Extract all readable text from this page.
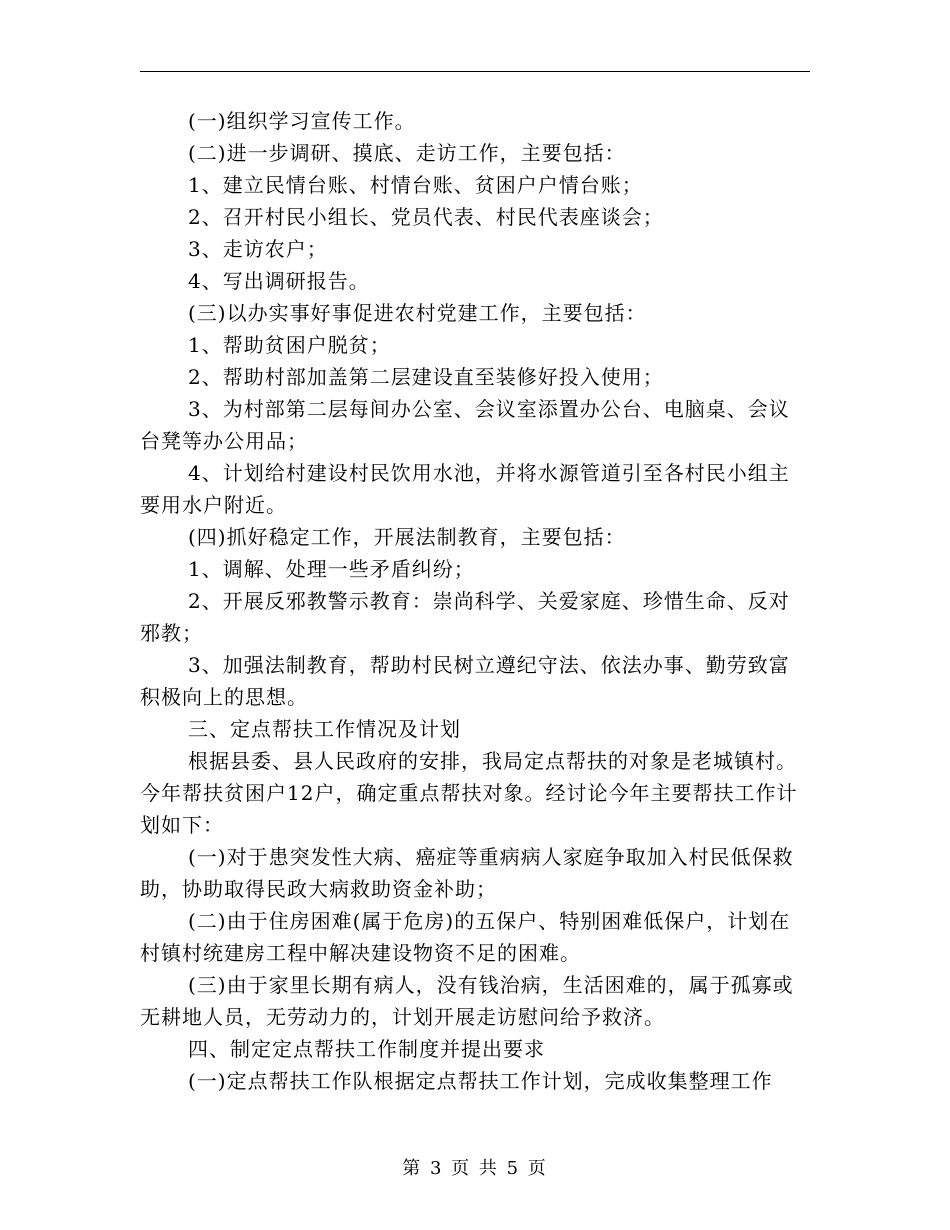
(一)组织学习宣传工作。

(二)进一步调研、摸底、走访工作，主要包括：

1、建立民情台账、村情台账、贫困户户情台账；

2、召开村民小组长、党员代表、村民代表座谈会；

3、走访农户；

4、写出调研报告。

(三)以办实事好事促进农村党建工作，主要包括：

1、帮助贫困户脱贫；

2、帮助村部加盖第二层建设直至装修好投入使用；

3、为村部第二层每间办公室、会议室添置办公台、电脑桌、会议台凳等办公用品；

4、计划给村建设村民饮用水池，并将水源管道引至各村民小组主要用水户附近。

(四)抓好稳定工作，开展法制教育，主要包括：

1、调解、处理一些矛盾纠纷；

2、开展反邪教警示教育：崇尚科学、关爱家庭、珍惜生命、反对邪教；

3、加强法制教育，帮助村民树立遵纪守法、依法办事、勤劳致富积极向上的思想。

三、定点帮扶工作情况及计划

根据县委、县人民政府的安排，我局定点帮扶的对象是老城镇村。今年帮扶贫困户12户，确定重点帮扶对象。经讨论今年主要帮扶工作计划如下：

(一)对于患突发性大病、癌症等重病病人家庭争取加入村民低保救助，协助取得民政大病救助资金补助；

(二)由于住房困难(属于危房)的五保户、特别困难低保户，计划在村镇村统建房工程中解决建设物资不足的困难。

(三)由于家里长期有病人，没有钱治病，生活困难的，属于孤寡或无耕地人员，无劳动力的，计划开展走访慰问给予救济。

四、制定定点帮扶工作制度并提出要求

(一)定点帮扶工作队根据定点帮扶工作计划，完成收集整理工作

第 3 页 共 5 页
